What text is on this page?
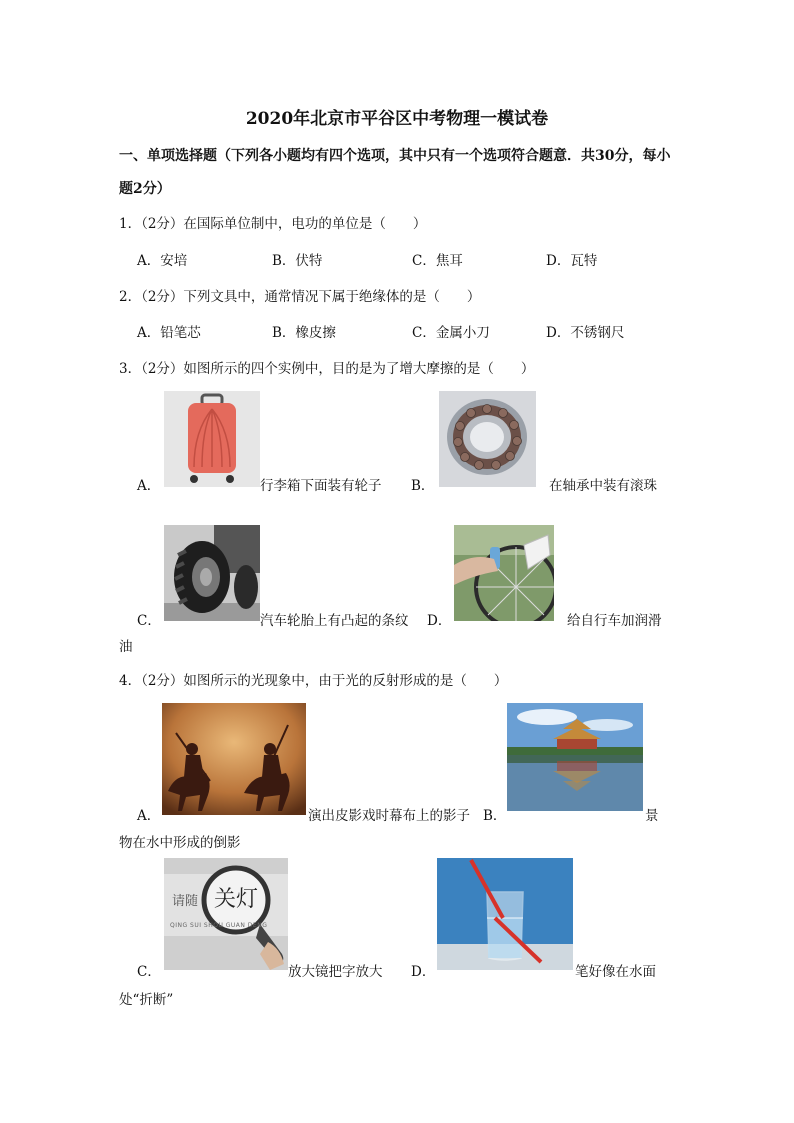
2020年北京市平谷区中考物理一模试卷
一、单项选择题（下列各小题均有四个选项，其中只有一个选项符合题意．共30分，每小
题2分）
1．（2分）在国际单位制中，电功的单位是（　　）
A．安培	B．伏特	C．焦耳	D．瓦特
2．（2分）下列文具中，通常情况下属于绝缘体的是（　　）
A．铅笔芯	B．橡皮擦	C．金属小刀	D．不锈钢尺
3．（2分）如图所示的四个实例中，目的是为了增大摩擦的是（　　）
A．	行李箱下面装有轮子 B．	在轴承中装有滚珠
C．	汽车轮胎上有凸起的条纹 D．	给自行车加润滑
油
4．（2分）如图所示的光现象中，由于光的反射形成的是（　　）
A．	演出皮影戏时幕布上的影子 B．	景
物在水中形成的倒影
C．
请随 关灯
QING SUI SHOU GUAN DENG
放大镜把字放大 D．	笔好像在水面
处“折断”
